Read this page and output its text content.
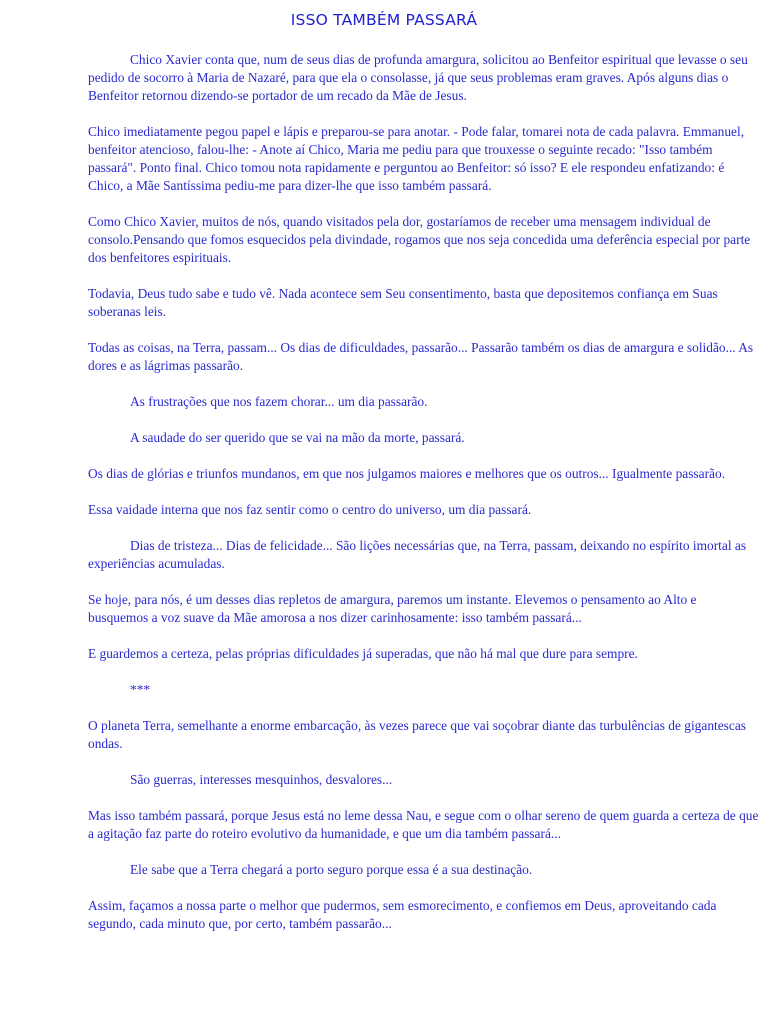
ISSO TAMBÉM PASSARÁ

Chico Xavier conta que, num de seus dias de profunda amargura, solicitou ao Benfeitor espiritual que levasse o seu pedido de socorro à Maria de Nazaré, para que ela o consolasse, já que seus problemas eram graves. Após alguns dias o Benfeitor retornou dizendo-se portador de um recado da Mãe de Jesus.

Chico imediatamente pegou papel e lápis e preparou-se para anotar. - Pode falar, tomarei nota de cada palavra. Emmanuel, benfeitor atencioso, falou-lhe: - Anote aí Chico, Maria me pediu para que trouxesse o seguinte recado: "Isso também passará". Ponto final. Chico tomou nota rapidamente e perguntou ao Benfeitor: só isso? E ele respondeu enfatizando: é Chico, a Mãe Santíssima pediu-me para dizer-lhe que isso também passará.

Como Chico Xavier, muitos de nós, quando visitados pela dor, gostaríamos de receber uma mensagem individual de consolo.Pensando que fomos esquecidos pela divindade, rogamos que nos seja concedida uma deferência especial por parte dos benfeitores espirituais.

Todavia, Deus tudo sabe e tudo vê. Nada acontece sem Seu consentimento, basta que depositemos confiança em Suas soberanas leis.

Todas as coisas, na Terra, passam... Os dias de dificuldades, passarão... Passarão também os dias de amargura e solidão... As dores e as lágrimas passarão.

As frustrações que nos fazem chorar... um dia passarão.

A saudade do ser querido que se vai na mão da morte, passará.

Os dias de glórias e triunfos mundanos, em que nos julgamos maiores e melhores que os outros... Igualmente passarão.

Essa vaidade interna que nos faz sentir como o centro do universo, um dia passará.

Dias de tristeza... Dias de felicidade... São lições necessárias que, na Terra, passam, deixando no espírito imortal as experiências acumuladas.

Se hoje, para nós, é um desses dias repletos de amargura, paremos um instante. Elevemos o pensamento ao Alto e busquemos a voz suave da Mãe amorosa a nos dizer carinhosamente: isso também passará...

E guardemos a certeza, pelas próprias dificuldades já superadas, que não há mal que dure para sempre.

***

O planeta Terra, semelhante a enorme embarcação, às vezes parece que vai soçobrar diante das turbulências de gigantescas ondas.

São guerras, interesses mesquinhos, desvalores...

Mas isso também passará, porque Jesus está no leme dessa Nau, e segue com o olhar sereno de quem guarda a certeza de que a agitação faz parte do roteiro evolutivo da humanidade, e que um dia também passará...

Ele sabe que a Terra chegará a porto seguro porque essa é a sua destinação.

Assim, façamos a nossa parte o melhor que pudermos, sem esmorecimento, e confiemos em Deus, aproveitando cada segundo, cada minuto que, por certo, também passarão...
